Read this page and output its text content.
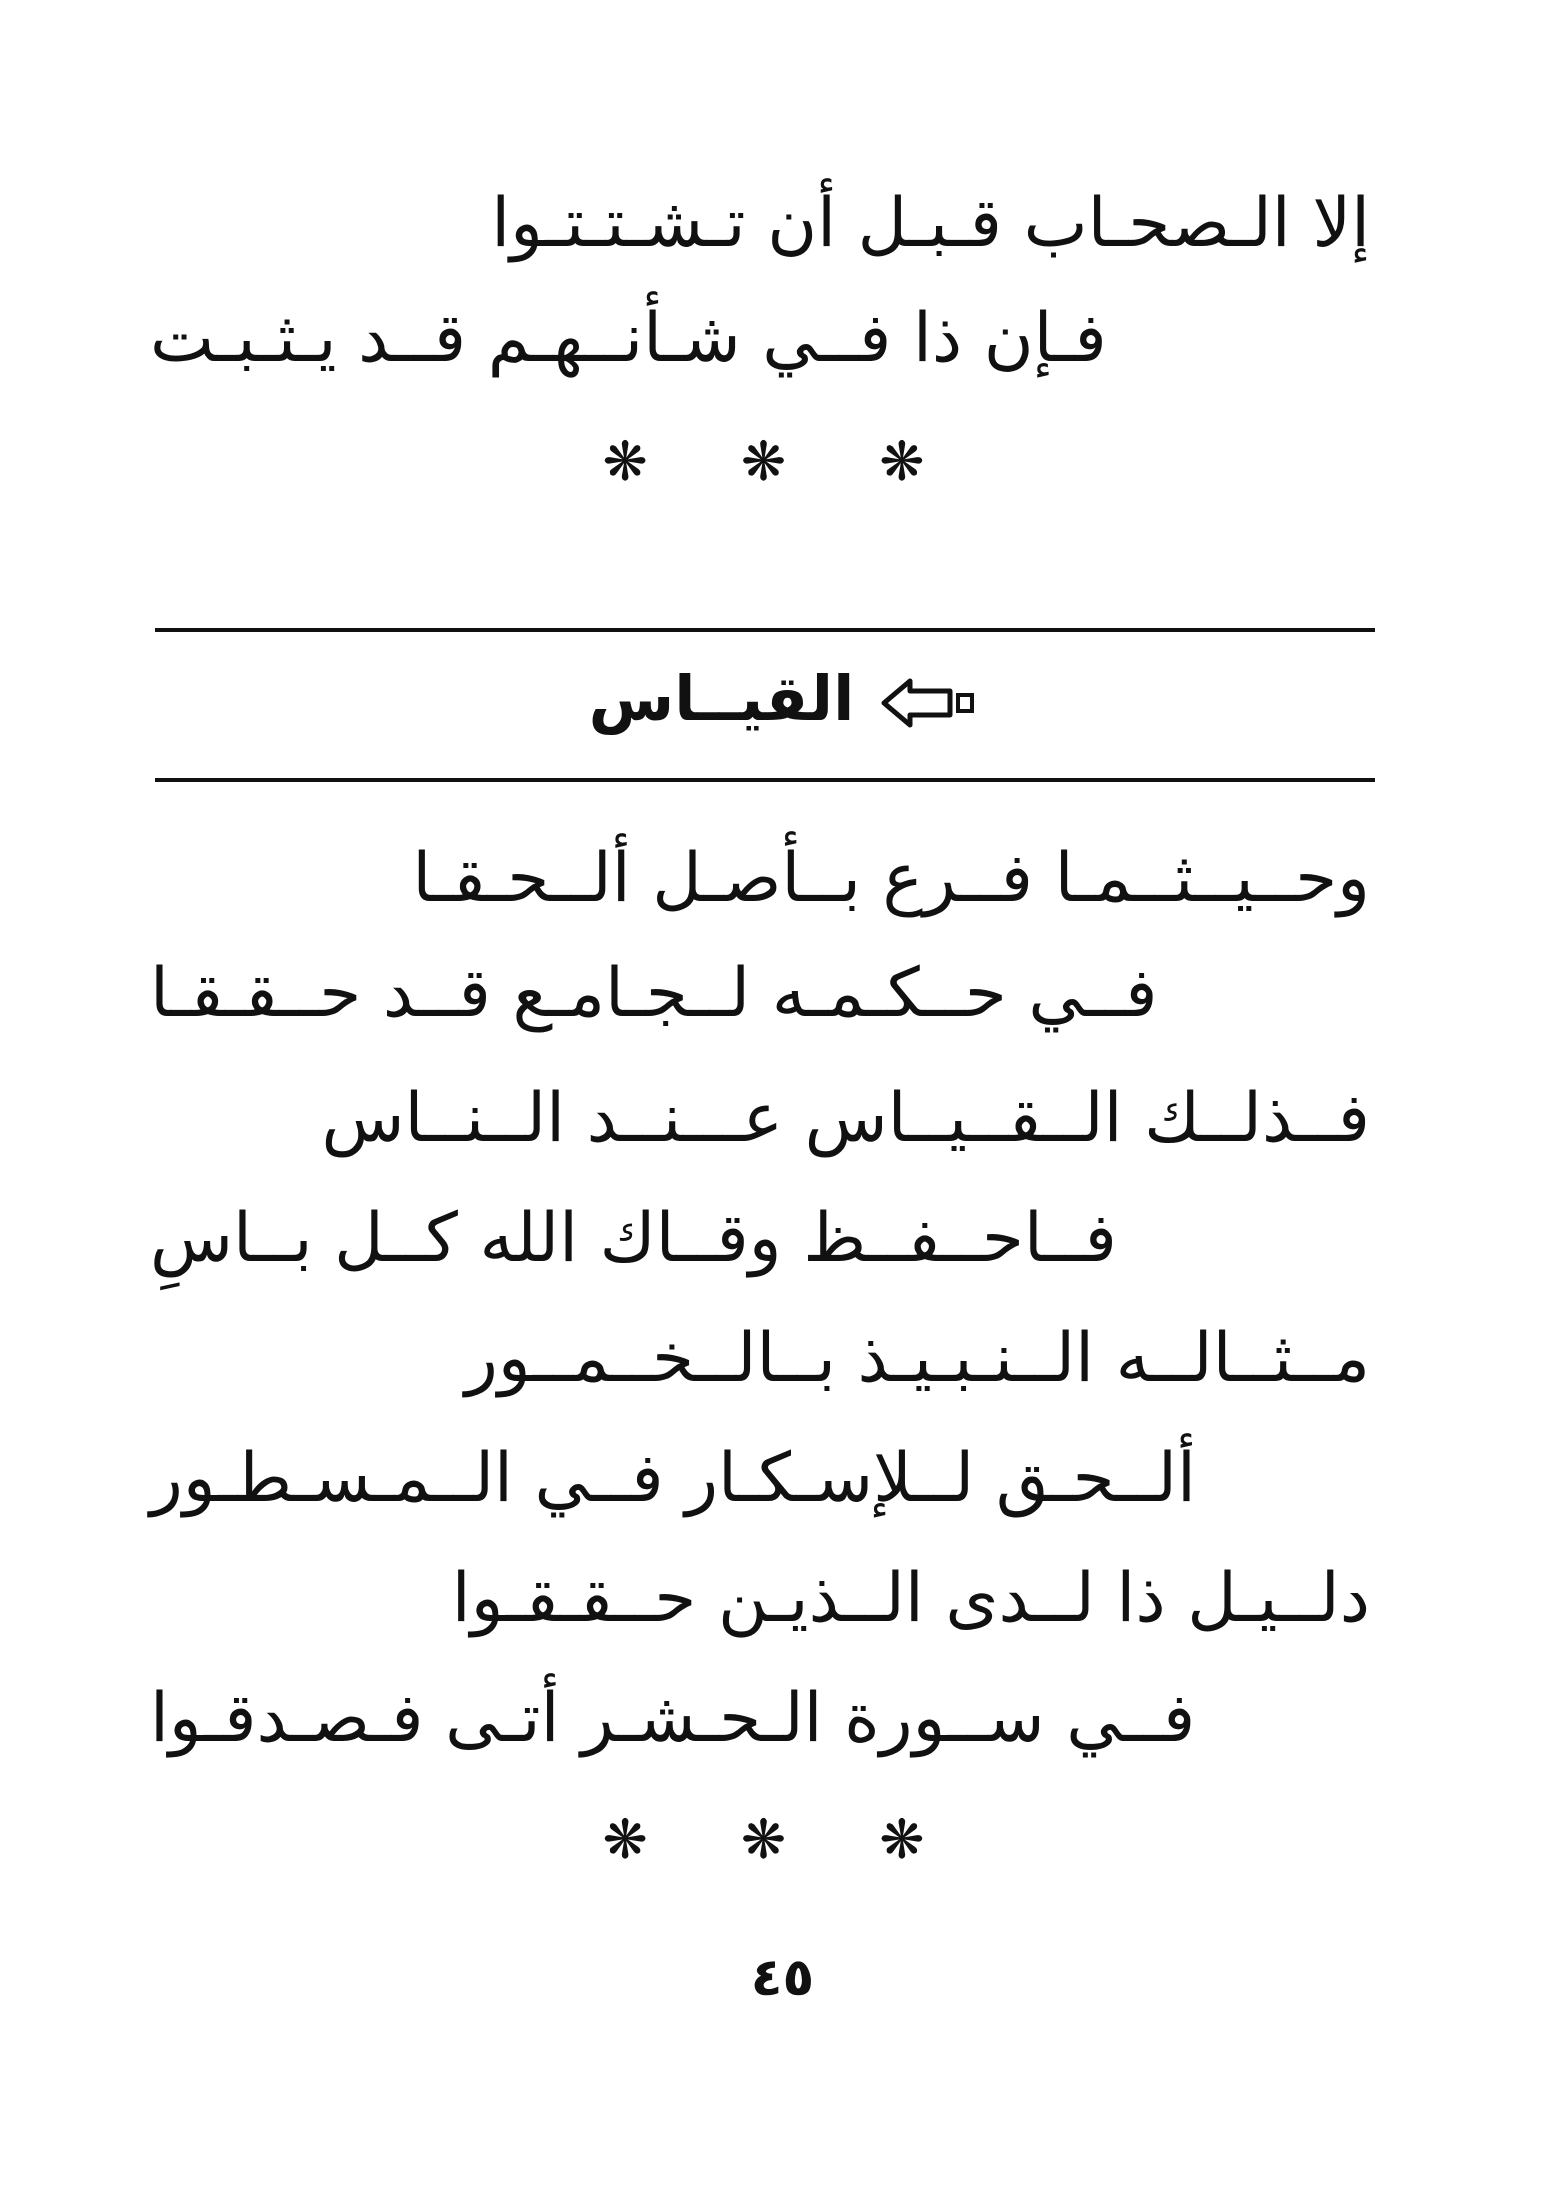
إلا الـصحـاب قـبـل أن تـشـتـتـوا
فـإن ذا فــي شـأنــهـم قــد يـثـبـت
❋ ❋ ❋
القيــاس
وحــيــثــمـا فــرع بــأصـل ألــحـقـا
فــي حــكـمـه لــجـامـع قــد حــقـقـا
فــذلــك الــقــيــاس عـــنــد الــنــاس
فــاحــفــظ وقــاك الله كــل بــاسِ
مــثــالــه الــنـبـيـذ بــالــخــمــور
ألــحـق لــلإسـكـار فــي الــمـسـطـور
دلــيـل ذا لــدى الــذيـن حــقـقـوا
فــي ســورة الـحـشـر أتـى فـصـدقـوا
❋ ❋ ❋
٤٥
